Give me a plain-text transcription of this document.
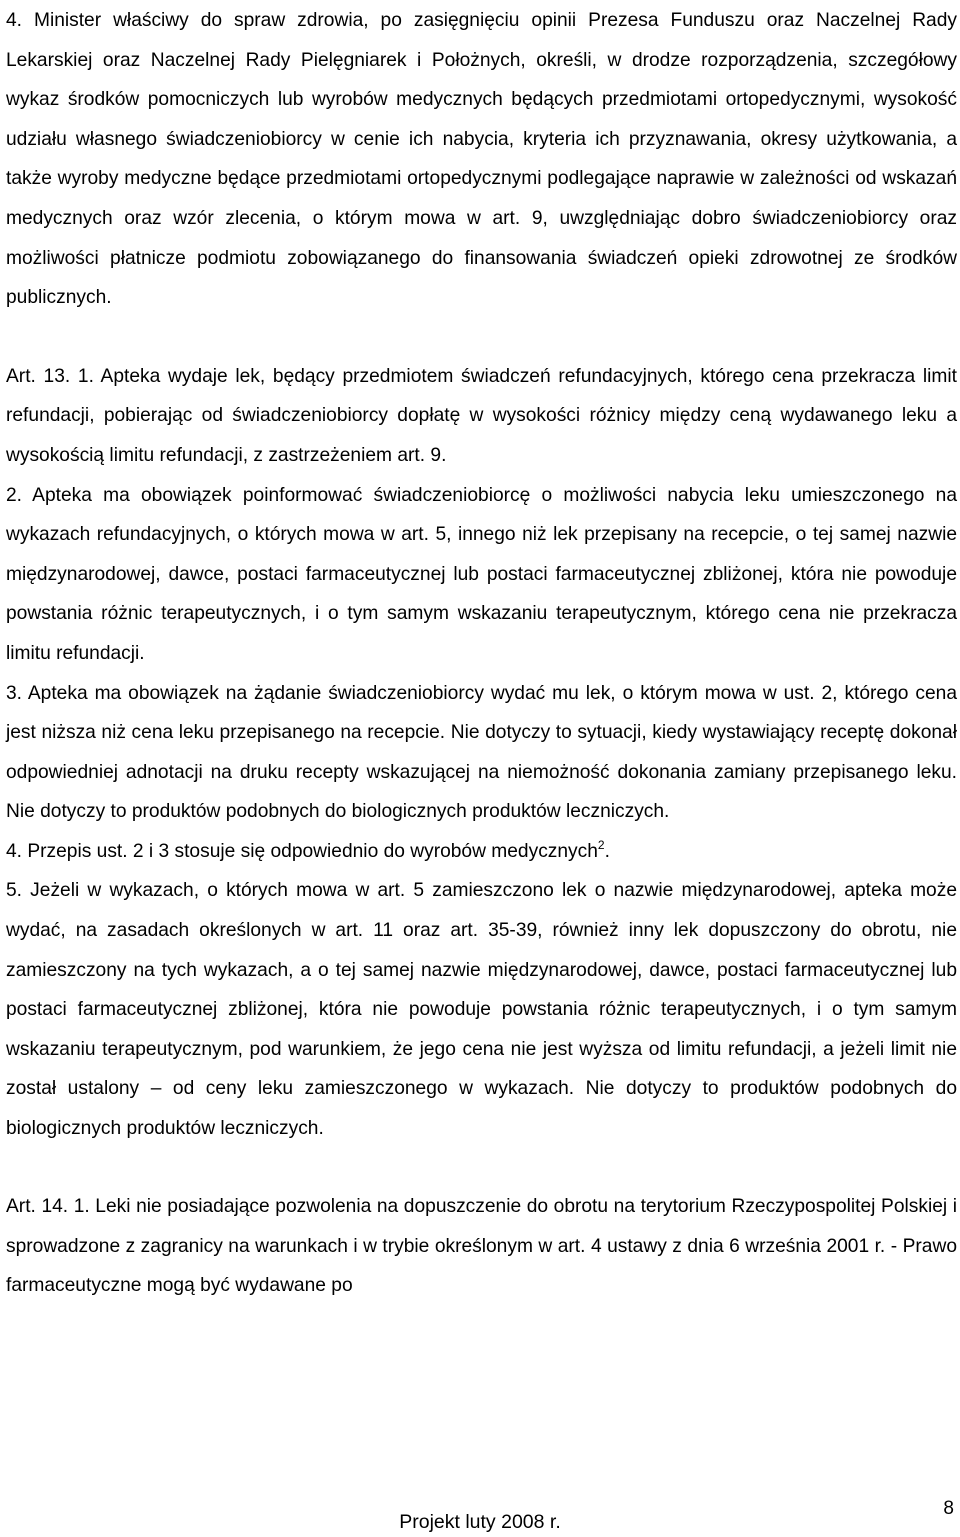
4. Minister właściwy do spraw zdrowia, po zasięgnięciu opinii Prezesa Funduszu oraz Naczelnej Rady Lekarskiej oraz Naczelnej Rady Pielęgniarek i Położnych, określi, w drodze rozporządzenia, szczegółowy wykaz środków pomocniczych lub wyrobów medycznych będących przedmiotami ortopedycznymi, wysokość udziału własnego świadczeniobiorcy w cenie ich nabycia, kryteria ich przyznawania, okresy użytkowania, a także wyroby medyczne będące przedmiotami ortopedycznymi podlegające naprawie w zależności od wskazań medycznych oraz wzór zlecenia, o którym mowa w art. 9, uwzględniając dobro świadczeniobiorcy oraz możliwości płatnicze podmiotu zobowiązanego do finansowania świadczeń opieki zdrowotnej ze środków publicznych.

Art. 13. 1. Apteka wydaje lek, będący przedmiotem świadczeń refundacyjnych, którego cena przekracza limit refundacji, pobierając od świadczeniobiorcy dopłatę w wysokości różnicy między ceną wydawanego leku a wysokością limitu refundacji, z zastrzeżeniem art. 9.

2. Apteka ma obowiązek poinformować świadczeniobiorcę o możliwości nabycia leku umieszczonego na wykazach refundacyjnych, o których mowa w art. 5, innego niż lek przepisany na recepcie, o tej samej nazwie międzynarodowej, dawce, postaci farmaceutycznej lub postaci farmaceutycznej zbliżonej, która nie powoduje powstania różnic terapeutycznych, i o tym samym wskazaniu terapeutycznym, którego cena nie przekracza limitu refundacji.

3. Apteka ma obowiązek na żądanie świadczeniobiorcy wydać mu lek, o którym mowa w ust. 2, którego cena jest niższa niż cena leku przepisanego na recepcie. Nie dotyczy to sytuacji, kiedy wystawiający receptę dokonał odpowiedniej adnotacji na druku recepty wskazującej na niemożność dokonania zamiany przepisanego leku. Nie dotyczy to produktów podobnych do biologicznych produktów leczniczych.

4. Przepis ust. 2 i 3 stosuje się odpowiednio do wyrobów medycznych$^2$.

5. Jeżeli w wykazach, o których mowa w art. 5 zamieszczono lek o nazwie międzynarodowej, apteka może wydać, na zasadach określonych w art. 11 oraz art. 35-39, również inny lek dopuszczony do obrotu, nie zamieszczony na tych wykazach, a o tej samej nazwie międzynarodowej, dawce, postaci farmaceutycznej lub postaci farmaceutycznej zbliżonej, która nie powoduje powstania różnic terapeutycznych, i o tym samym wskazaniu terapeutycznym, pod warunkiem, że jego cena nie jest wyższa od limitu refundacji, a jeżeli limit nie został ustalony – od ceny leku zamieszczonego w wykazach. Nie dotyczy to produktów podobnych do biologicznych produktów leczniczych.

Art. 14. 1. Leki nie posiadające pozwolenia na dopuszczenie do obrotu na terytorium Rzeczypospolitej Polskiej i sprowadzone z zagranicy na warunkach i w trybie określonym w art. 4 ustawy z dnia 6 września 2001 r. - Prawo farmaceutyczne mogą być wydawane po

8

Projekt luty 2008 r.
